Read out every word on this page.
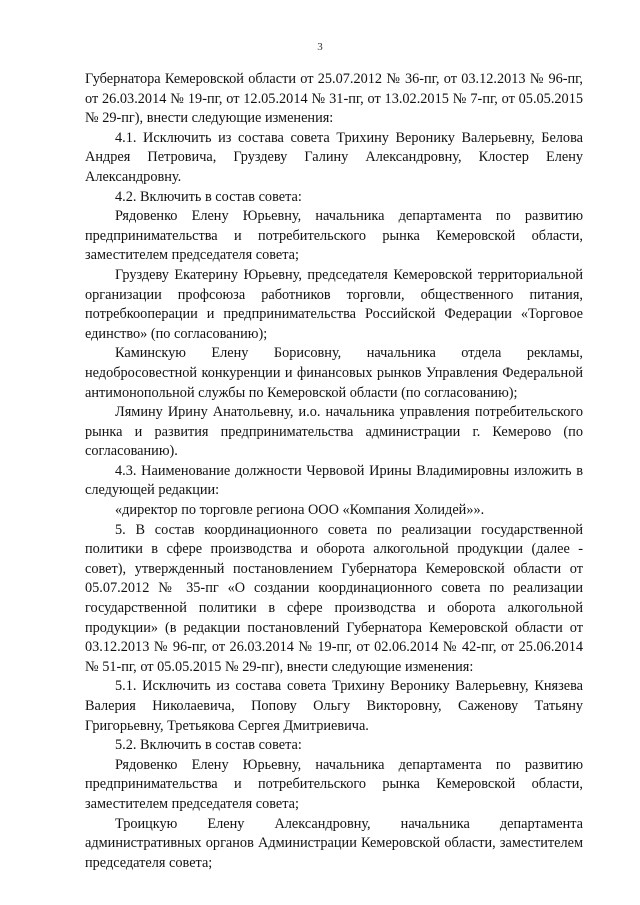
3

Губернатора Кемеровской области от 25.07.2012 № 36-пг, от 03.12.2013 № 96-пг, от 26.03.2014 № 19-пг, от 12.05.2014 № 31-пг, от 13.02.2015 № 7-пг, от 05.05.2015 № 29-пг), внести следующие изменения:

4.1. Исключить из состава совета Трихину Веронику Валерьевну, Белова Андрея Петровича, Груздеву Галину Александровну, Клостер Елену Александровну.

4.2. Включить в состав совета:

Рядовенко Елену Юрьевну, начальника департамента по развитию предпринимательства и потребительского рынка Кемеровской области, заместителем председателя совета;

Груздеву Екатерину Юрьевну, председателя Кемеровской территориальной организации профсоюза работников торговли, общественного питания, потребкооперации и предпринимательства Российской Федерации «Торговое единство» (по согласованию);

Каминскую Елену Борисовну, начальника отдела рекламы, недобросовестной конкуренции и финансовых рынков Управления Федеральной антимонопольной службы по Кемеровской области (по согласованию);

Лямину Ирину Анатольевну, и.о. начальника управления потребительского рынка и развития предпринимательства администрации г. Кемерово (по согласованию).

4.3. Наименование должности Червовой Ирины Владимировны изложить в следующей редакции:

«директор по торговле региона ООО «Компания Холидей»».

5. В состав координационного совета по реализации государственной политики в сфере производства и оборота алкогольной продукции (далее - совет), утвержденный постановлением Губернатора Кемеровской области от 05.07.2012 № 35-пг «О создании координационного совета по реализации государственной политики в сфере производства и оборота алкогольной продукции» (в редакции постановлений Губернатора Кемеровской области от 03.12.2013 № 96-пг, от 26.03.2014 № 19-пг, от 02.06.2014 № 42-пг, от 25.06.2014 № 51-пг, от 05.05.2015 № 29-пг), внести следующие изменения:

5.1. Исключить из состава совета Трихину Веронику Валерьевну, Князева Валерия Николаевича, Попову Ольгу Викторовну, Саженову Татьяну Григорьевну, Третьякова Сергея Дмитриевича.

5.2. Включить в состав совета:

Рядовенко Елену Юрьевну, начальника департамента по развитию предпринимательства и потребительского рынка Кемеровской области, заместителем председателя совета;

Троицкую Елену Александровну, начальника департамента административных органов Администрации Кемеровской области, заместителем председателя совета;
